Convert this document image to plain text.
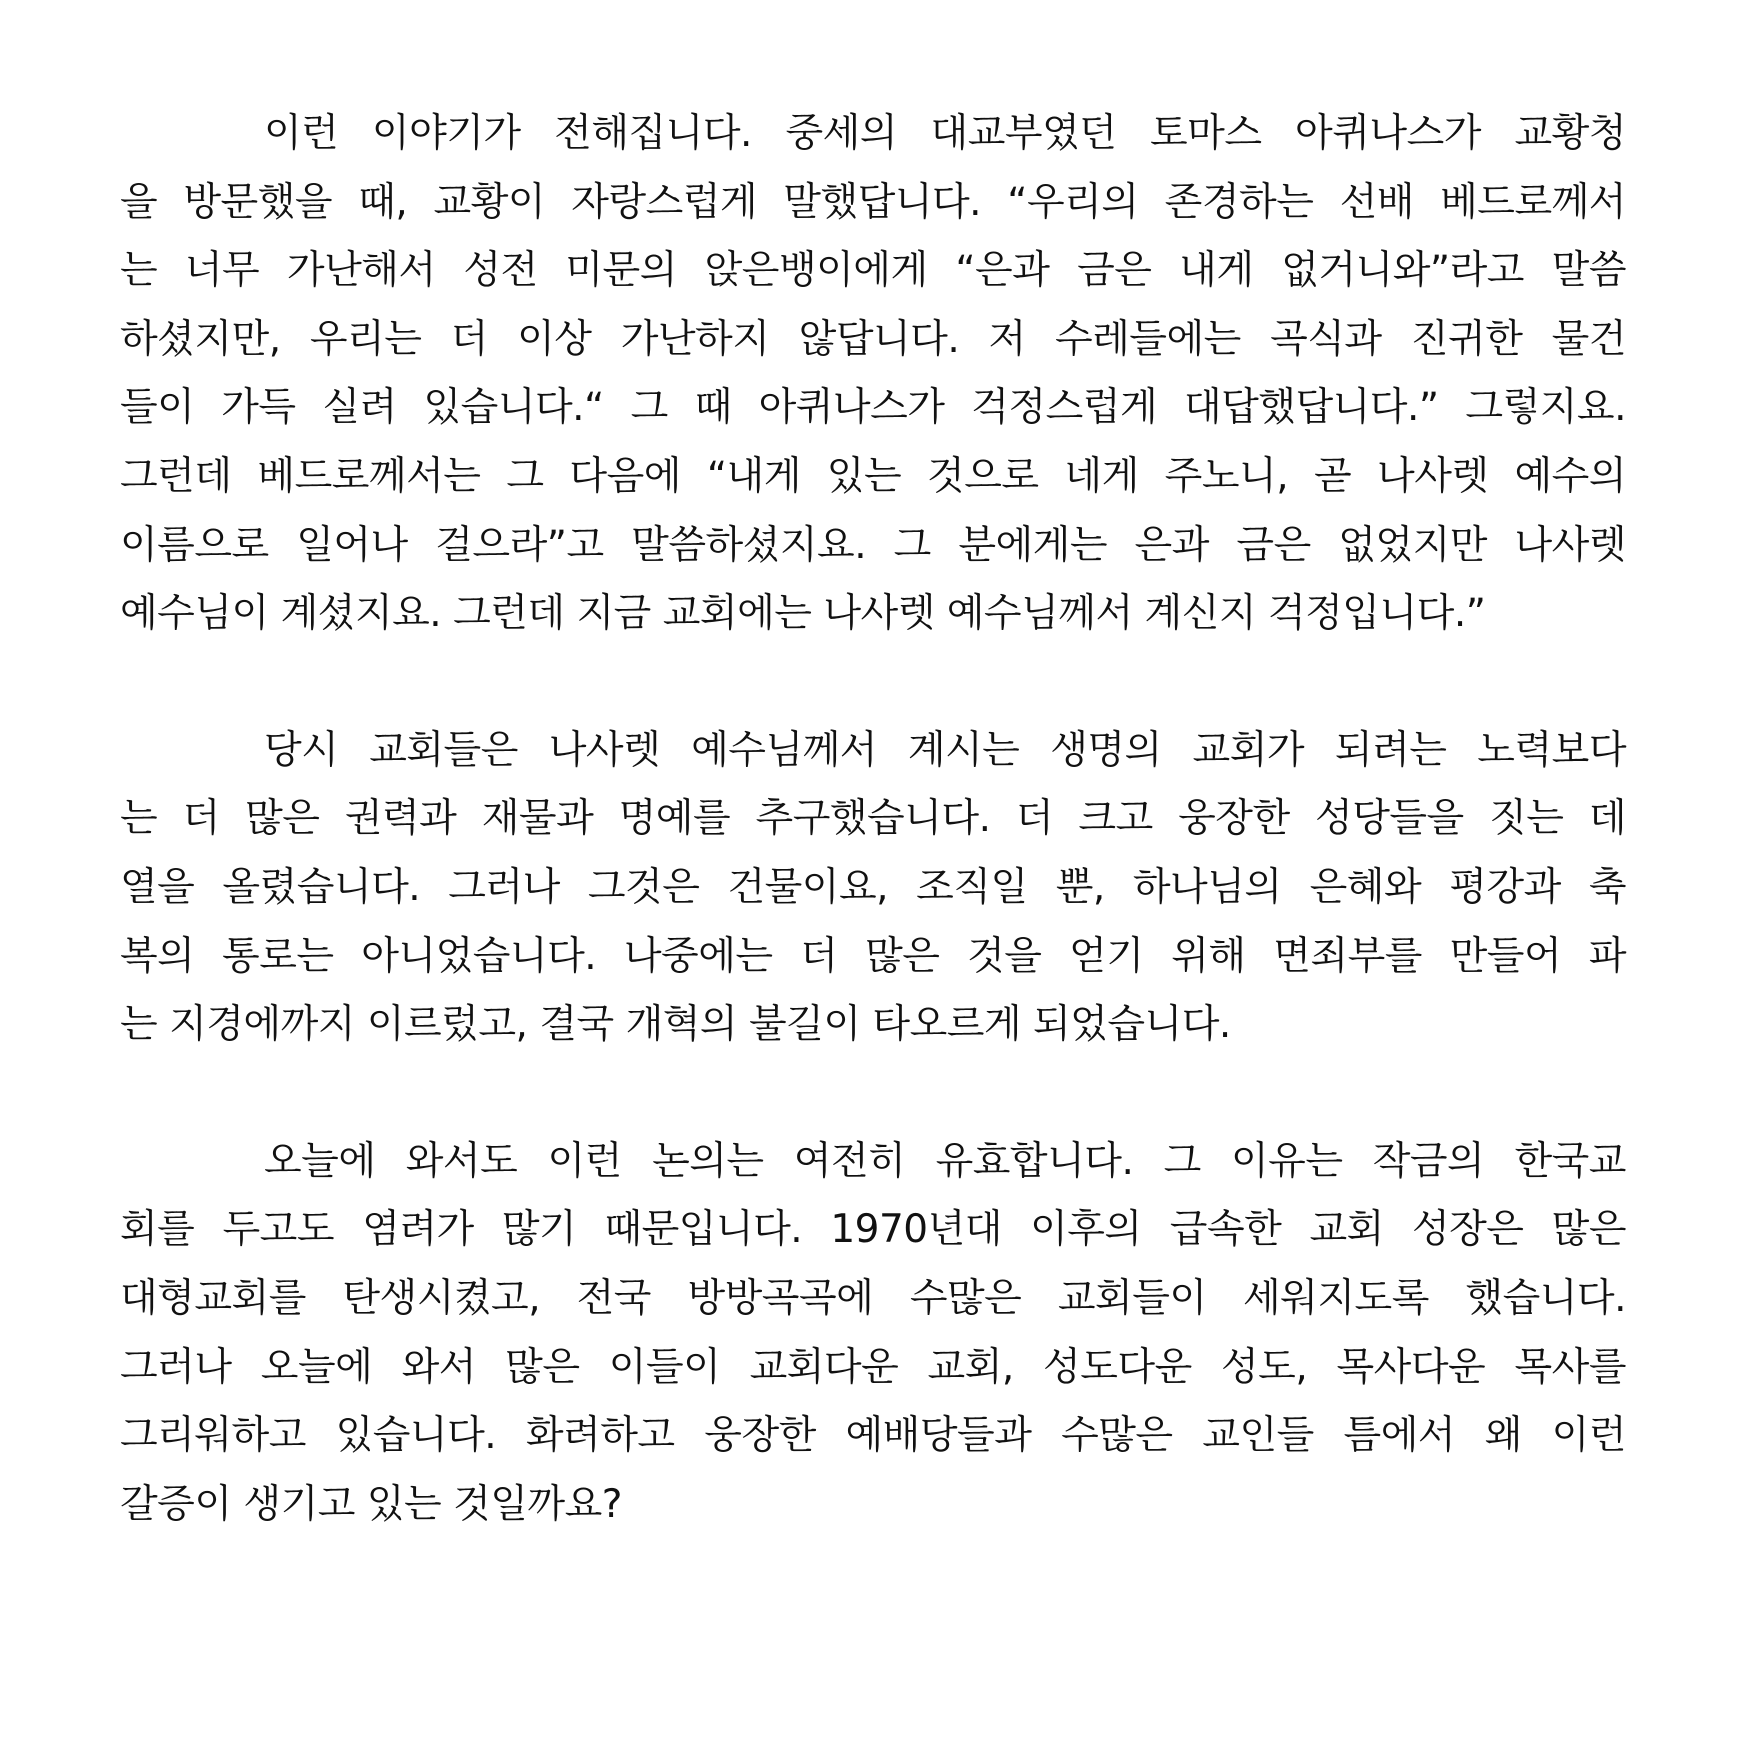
이런 이야기가 전해집니다. 중세의 대교부였던 토마스 아퀴나스가 교황청
을 방문했을 때, 교황이 자랑스럽게 말했답니다. “우리의 존경하는 선배 베드로께서
는 너무 가난해서 성전 미문의 앉은뱅이에게 “은과 금은 내게 없거니와”라고 말씀
하셨지만, 우리는 더 이상 가난하지 않답니다. 저 수레들에는 곡식과 진귀한 물건
들이 가득 실려 있습니다.“ 그 때 아퀴나스가 걱정스럽게 대답했답니다.” 그렇지요.
그런데 베드로께서는 그 다음에 “내게 있는 것으로 네게 주노니, 곧 나사렛 예수의
이름으로 일어나 걸으라”고 말씀하셨지요. 그 분에게는 은과 금은 없었지만 나사렛
예수님이 계셨지요. 그런데 지금 교회에는 나사렛 예수님께서 계신지 걱정입니다.”
당시 교회들은 나사렛 예수님께서 계시는 생명의 교회가 되려는 노력보다
는 더 많은 권력과 재물과 명예를 추구했습니다. 더 크고 웅장한 성당들을 짓는 데
열을 올렸습니다. 그러나 그것은 건물이요, 조직일 뿐, 하나님의 은혜와 평강과 축
복의 통로는 아니었습니다. 나중에는 더 많은 것을 얻기 위해 면죄부를 만들어 파
는 지경에까지 이르렀고, 결국 개혁의 불길이 타오르게 되었습니다.
오늘에 와서도 이런 논의는 여전히 유효합니다. 그 이유는 작금의 한국교
회를 두고도 염려가 많기 때문입니다. 1970년대 이후의 급속한 교회 성장은 많은
대형교회를 탄생시켰고, 전국 방방곡곡에 수많은 교회들이 세워지도록 했습니다.
그러나 오늘에 와서 많은 이들이 교회다운 교회, 성도다운 성도, 목사다운 목사를
그리워하고 있습니다. 화려하고 웅장한 예배당들과 수많은 교인들 틈에서 왜 이런
갈증이 생기고 있는 것일까요?
